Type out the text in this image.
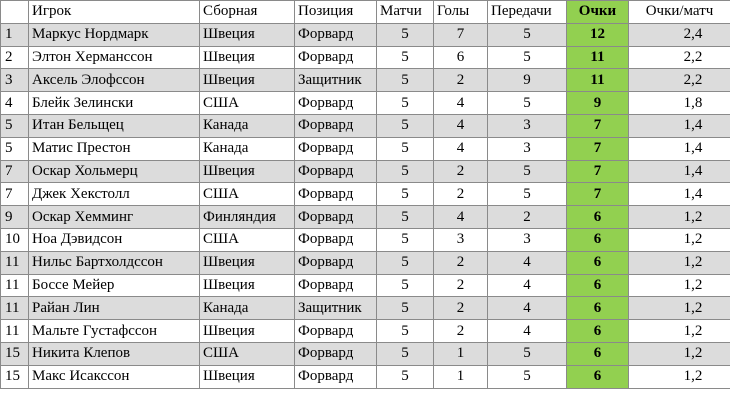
	Игрок	Сборная	Позиция	Матчи	Голы	Передачи	Очки	Очки/матч
1	Маркус Нордмарк	Швеция	Форвард	5	7	5	12	2,4
2	Элтон Херманссон	Швеция	Форвард	5	6	5	11	2,2
3	Аксель Элофссон	Швеция	Защитник	5	2	9	11	2,2
4	Блейк Зелински	США	Форвард	5	4	5	9	1,8
5	Итан Бельщец	Канада	Форвард	5	4	3	7	1,4
5	Матис Престон	Канада	Форвард	5	4	3	7	1,4
7	Оскар Хольмерц	Швеция	Форвард	5	2	5	7	1,4
7	Джек Хекстолл	США	Форвард	5	2	5	7	1,4
9	Оскар Хемминг	Финляндия	Форвард	5	4	2	6	1,2
10	Ноа Дэвидсон	США	Форвард	5	3	3	6	1,2
11	Нильс Бартхолдссон	Швеция	Форвард	5	2	4	6	1,2
11	Боссе Мейер	Швеция	Форвард	5	2	4	6	1,2
11	Райан Лин	Канада	Защитник	5	2	4	6	1,2
11	Мальте Густафссон	Швеция	Форвард	5	2	4	6	1,2
15	Никита Клепов	США	Форвард	5	1	5	6	1,2
15	Макс Исакссон	Швеция	Форвард	5	1	5	6	1,2
